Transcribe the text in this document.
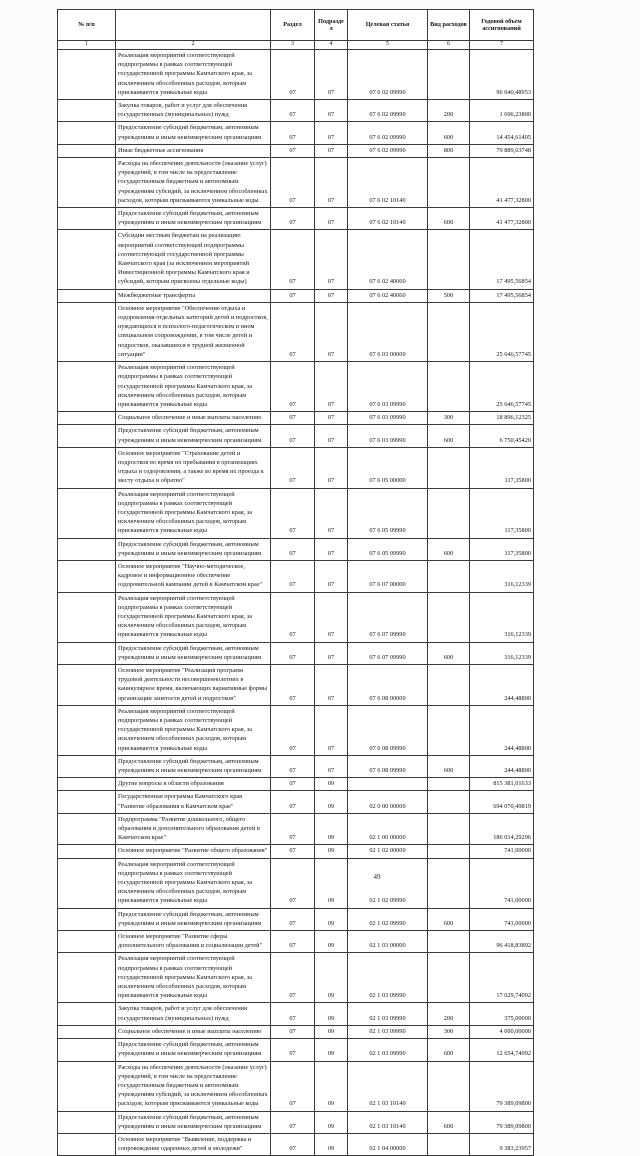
№ п/п		Раздел	Подраздел	Целевая статья	Вид расходов	Годовой объем ассигнований
1	2	3	4	5	6	7
	Реализация мероприятий соответствующей подпрограммы в рамках соответствующей государственной программы Камчатского края, за исключением обособленных расходов, которым присваиваются уникальные коды	07	07	07 6 02 09990		96 040,48953
	Закупка товаров, работ и услуг для обеспечения государственных (муниципальных) нужд	07	07	07 6 02 09990	200	1 696,23800
	Предоставление субсидий бюджетным, автономным учреждениям и иным некоммерческим организациям	07	07	07 6 02 09990	600	14 454,61405
	Иные бюджетные ассигнования	07	07	07 6 02 09990	800	79 889,63748
	Расходы на обеспечение деятельности (оказание услуг) учреждений, в том числе на предоставление государственным бюджетным и автономным учреждениям субсидий, за исключением обособленных расходов, которым присваиваются уникальные коды	07	07	07 6 02 10140		41 477,32800
	Предоставление субсидий бюджетным, автономным учреждениям и иным некоммерческим организациям	07	07	07 6 02 10140	600	41 477,32800
	Субсидии местным бюджетам на реализацию мероприятий соответствующей подпрограммы соответствующей государственной программы Камчатского края (за исключением мероприятий Инвестиционной программы Камчатского края и субсидий, которым присвоены отдельные коды)	07	07	07 6 02 40060		17 495,56854
	Межбюджетные трансферты	07	07	07 6 02 40060	500	17 495,56854
	Основное мероприятие "Обеспечение отдыха и оздоровления отдельных категорий детей и подростков, нуждающихся в психолого-педагогическом и ином специальном сопровождении, в том числе детей и подростков, оказавшихся в трудной жизненной ситуации"	07	07	07 6 03 00000		25 646,57745
	Реализация мероприятий соответствующей подпрограммы в рамках соответствующей государственной программы Камчатского края, за исключением обособленных расходов, которым присваиваются уникальные коды	07	07	07 6 03 09990		25 646,57745
	Социальное обеспечение и иные выплаты населению	07	07	07 6 03 09990	300	18 896,12325
	Предоставление субсидий бюджетным, автономным учреждениям и иным некоммерческим организациям	07	07	07 6 03 09990	600	6 750,45420
	Основное мероприятие "Страхование детей и подростков во время их пребывания в организациях отдыха и оздоровления, а также во время их проезда к месту отдыха и обратно"	07	07	07 6 05 00000		117,35800
	Реализация мероприятий соответствующей подпрограммы в рамках соответствующей государственной программы Камчатского края, за исключением обособленных расходов, которым присваиваются уникальные коды	07	07	07 6 05 09990		117,35800
	Предоставление субсидий бюджетным, автономным учреждениям и иным некоммерческим организациям	07	07	07 6 05 09990	600	117,35800
	Основное мероприятие "Научно-методическое, кадровое и информационное обеспечение оздоровительной кампании детей в Камчатском крае"	07	07	07 6 07 00000		316,12339
	Реализация мероприятий соответствующей подпрограммы в рамках соответствующей государственной программы Камчатского края, за исключением обособленных расходов, которым присваиваются уникальные коды	07	07	07 6 07 09990		316,12339
	Предоставление субсидий бюджетным, автономным учреждениям и иным некоммерческим организациям	07	07	07 6 07 09990	600	316,12339
	Основное мероприятие "Реализация программ трудовой деятельности несовершеннолетних в каникулярное время, включающих вариативные формы организации занятости детей и подростков"	07	07	07 6 08 00000		244,48800
	Реализация мероприятий соответствующей подпрограммы в рамках соответствующей государственной программы Камчатского края, за исключением обособленных расходов, которым присваиваются уникальные коды	07	07	07 6 08 09990		244,48800
	Предоставление субсидий бюджетным, автономным учреждениям и иным некоммерческим организациям	07	07	07 6 08 09990	600	244,48800
	Другие вопросы в области образования	07	09			815 381,01633
	Государственная программа Камчатского края "Развитие образования в Камчатском крае"	07	09	02 0 00 00000		694 070,49819
	Подпрограмма "Развитие дошкольного, общего образования и дополнительного образования детей в Камчатском крае"	07	09	02 1 00 00000		186 014,29296
	Основное мероприятие "Развитие общего образования"	07	09	02 1 02 00000		741,00000
	Реализация мероприятий соответствующей подпрограммы в рамках соответствующей государственной программы Камчатского края, за исключением обособленных расходов, которым присваиваются уникальные коды	07	09	02 1 02 09990		741,00000
	Предоставление субсидий бюджетным, автономным учреждениям и иным некоммерческим организациям	07	09	02 1 02 09990	600	741,00000
	Основное мероприятие "Развитие сферы дополнительного образования и социализации детей"	07	09	02 1 03 00000		96 418,83892
	Реализация мероприятий соответствующей подпрограммы в рамках соответствующей государственной программы Камчатского края, за исключением обособленных расходов, которым присваиваются уникальные коды	07	09	02 1 03 09990		17 029,74092
	Закупка товаров, работ и услуг для обеспечения государственных (муниципальных) нужд	07	09	02 1 03 09990	200	375,00000
	Социальное обеспечение и иные выплаты населению	07	09	02 1 03 09990	300	4 000,00000
	Предоставление субсидий бюджетным, автономным учреждениям и иным некоммерческим организациям	07	09	02 1 03 09990	600	12 654,74092
	Расходы на обеспечение деятельности (оказание услуг) учреждений, в том числе на предоставление государственным бюджетным и автономным учреждениям субсидий, за исключением обособленных расходов, которым присваиваются уникальные коды	07	09	02 1 03 10140		79 389,09800
	Предоставление субсидий бюджетным, автономным учреждениям и иным некоммерческим организациям	07	09	02 1 03 10140	600	79 389,09800
	Основное мероприятие "Выявление, поддержка и сопровождение одаренных детей и молодежи"	07	09	02 1 04 00000		9 383,23957
49
